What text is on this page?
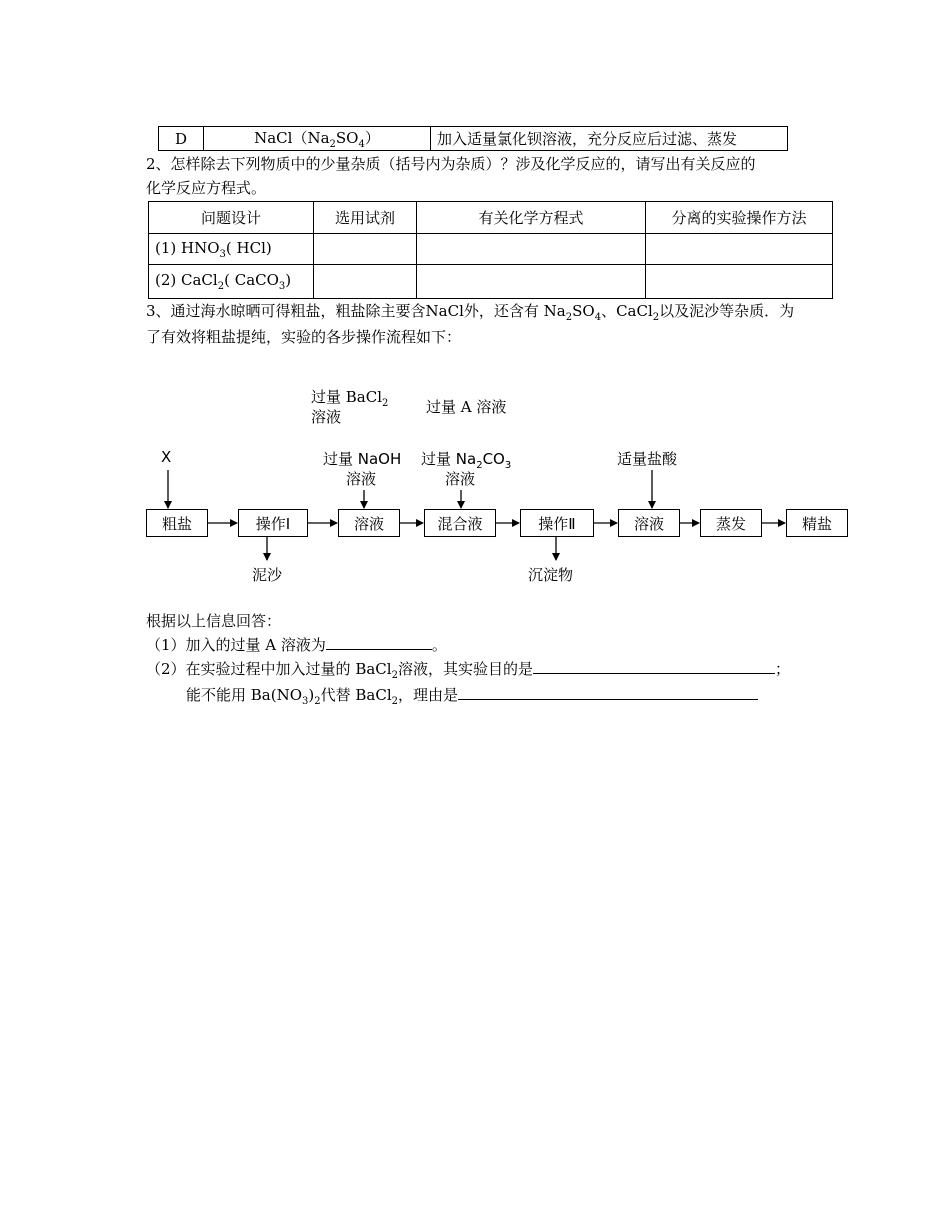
D	$NaCl(Na_2SO_4)$	加入适量氯化钡溶液，充分反应后过滤、蒸发
2、怎样除去下列物质中的少量杂质（括号内为杂质）？涉及化学反应的，请写出有关反应的
化学反应方程式。
问题设计	选用试剂	有关化学方程式	分离的实验操作方法
(1) $HNO_3$( HCl)			
(2) CaCl$_2$( CaCO$_3$)			
3、通过海水晾晒可得粗盐，粗盐除主要含NaCl外，还含有 $Na_2SO_4$、CaCl$_2$以及泥沙等杂质．为
了有效将粗盐提纯，实验的各步操作流程如下：
过量 BaCl$_2$
溶液
过量 A 溶液
X	过量 NaOH
溶液
过量 $Na_2CO_3$
溶液
适量盐酸
粗盐	操作Ⅰ	溶液	混合液	操作Ⅱ	溶液	蒸发	精盐
泥沙	沉淀物
根据以上信息回答：
（1）加入的过量 A 溶液为	。
（2）在实验过程中加入过量的 BaCl$_2$溶液，其实验目的是	；
能不能用 $Ba(NO_3)_2$代替 BaCl$_2$，理由是
